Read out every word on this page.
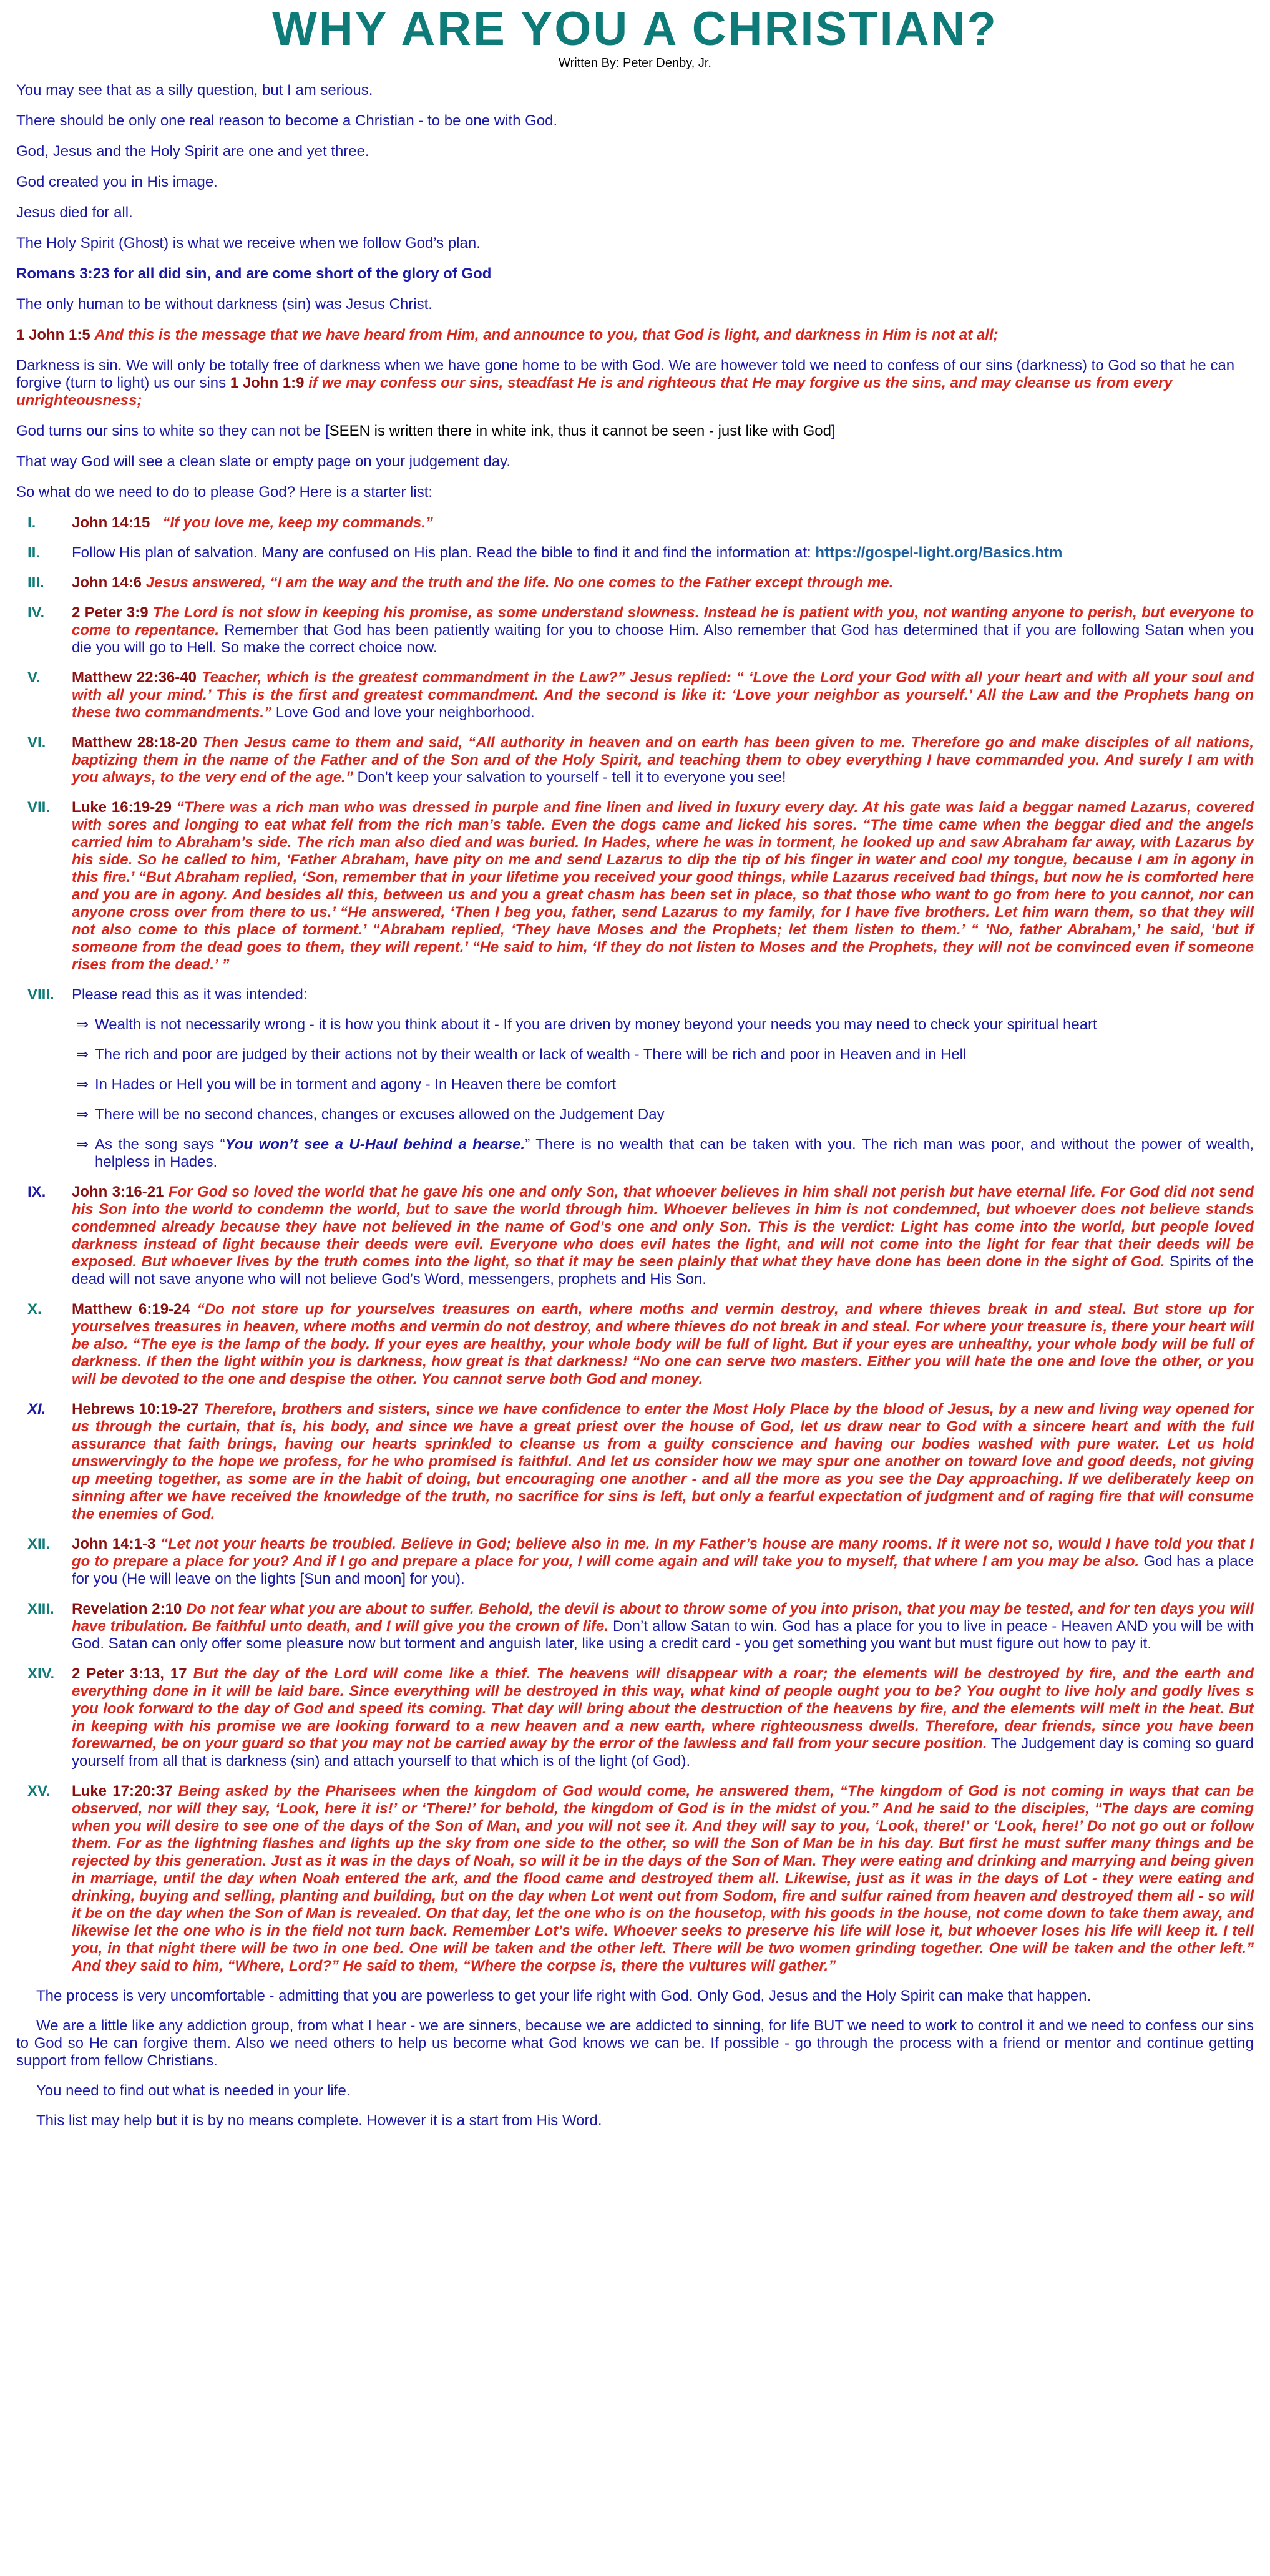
WHY ARE YOU A CHRISTIAN?
Written By: Peter Denby, Jr.

You may see that as a silly question, but I am serious.

There should be only one real reason to become a Christian - to be one with God.

God, Jesus and the Holy Spirit are one and yet three.

God created you in His image.

Jesus died for all.

The Holy Spirit (Ghost) is what we receive when we follow God’s plan.

Romans 3:23 for all did sin, and are come short of the glory of God

The only human to be without darkness (sin) was Jesus Christ.

1 John 1:5 And this is the message that we have heard from Him, and announce to you, that God is light, and darkness in Him is not at all;

Darkness is sin. We will only be totally free of darkness when we have gone home to be with God. We are however told we need to confess of our sins (darkness) to God so that he can forgive (turn to light) us our sins 1 John 1:9 if we may confess our sins, steadfast He is and righteous that He may forgive us the sins, and may cleanse us from every unrighteousness;

God turns our sins to white so they can not be [SEEN is written there in white ink, thus it cannot be seen - just like with God]

That way God will see a clean slate or empty page on your judgement day.

So what do we need to do to please God? Here is a starter list:

I. John 14:15 “If you love me, keep my commands.”
II. Follow His plan of salvation. Many are confused on His plan. Read the bible to find it and find the information at: https://gospel-light.org/Basics.htm
III. John 14:6 Jesus answered, “I am the way and the truth and the life. No one comes to the Father except through me.
IV. 2 Peter 3:9 The Lord is not slow in keeping his promise, as some understand slowness. Instead he is patient with you, not wanting anyone to perish, but everyone to come to repentance. Remember that God has been patiently waiting for you to choose Him. Also remember that God has determined that if you are following Satan when you die you will go to Hell. So make the correct choice now.
V. Matthew 22:36-40 Teacher, which is the greatest commandment in the Law?” Jesus replied: “ ‘Love the Lord your God with all your heart and with all your soul and with all your mind.’ This is the first and greatest commandment. And the second is like it: ‘Love your neighbor as yourself.’ All the Law and the Prophets hang on these two commandments.” Love God and love your neighborhood.
VI. Matthew 28:18-20 Then Jesus came to them and said, “All authority in heaven and on earth has been given to me. Therefore go and make disciples of all nations, baptizing them in the name of the Father and of the Son and of the Holy Spirit, and teaching them to obey everything I have commanded you. And surely I am with you always, to the very end of the age.” Don’t keep your salvation to yourself - tell it to everyone you see!
VII. Luke 16:19-29 “There was a rich man who was dressed in purple and fine linen and lived in luxury every day. At his gate was laid a beggar named Lazarus, covered with sores and longing to eat what fell from the rich man’s table. Even the dogs came and licked his sores. “The time came when the beggar died and the angels carried him to Abraham’s side. The rich man also died and was buried. In Hades, where he was in torment, he looked up and saw Abraham far away, with Lazarus by his side. So he called to him, ‘Father Abraham, have pity on me and send Lazarus to dip the tip of his finger in water and cool my tongue, because I am in agony in this fire.’ “But Abraham replied, ‘Son, remember that in your lifetime you received your good things, while Lazarus received bad things, but now he is comforted here and you are in agony. And besides all this, between us and you a great chasm has been set in place, so that those who want to go from here to you cannot, nor can anyone cross over from there to us.’ “He answered, ‘Then I beg you, father, send Lazarus to my family, for I have five brothers. Let him warn them, so that they will not also come to this place of torment.’ “Abraham replied, ‘They have Moses and the Prophets; let them listen to them.’ “ ‘No, father Abraham,’ he said, ‘but if someone from the dead goes to them, they will repent.’ “He said to him, ‘If they do not listen to Moses and the Prophets, they will not be convinced even if someone rises from the dead.’ ”
VIII. Please read this as it was intended:
⇒ Wealth is not necessarily wrong - it is how you think about it - If you are driven by money beyond your needs you may need to check your spiritual heart
⇒ The rich and poor are judged by their actions not by their wealth or lack of wealth - There will be rich and poor in Heaven and in Hell
⇒ In Hades or Hell you will be in torment and agony - In Heaven there be comfort
⇒ There will be no second chances, changes or excuses allowed on the Judgement Day
⇒ As the song says “You won’t see a U-Haul behind a hearse.” There is no wealth that can be taken with you. The rich man was poor, and without the power of wealth, helpless in Hades.
IX. John 3:16-21 For God so loved the world that he gave his one and only Son, that whoever believes in him shall not perish but have eternal life. For God did not send his Son into the world to condemn the world, but to save the world through him. Whoever believes in him is not condemned, but whoever does not believe stands condemned already because they have not believed in the name of God’s one and only Son. This is the verdict: Light has come into the world, but people loved darkness instead of light because their deeds were evil. Everyone who does evil hates the light, and will not come into the light for fear that their deeds will be exposed. But whoever lives by the truth comes into the light, so that it may be seen plainly that what they have done has been done in the sight of God. Spirits of the dead will not save anyone who will not believe God’s Word, messengers, prophets and His Son.
X. Matthew 6:19-24 “Do not store up for yourselves treasures on earth, where moths and vermin destroy, and where thieves break in and steal. But store up for yourselves treasures in heaven, where moths and vermin do not destroy, and where thieves do not break in and steal. For where your treasure is, there your heart will be also. “The eye is the lamp of the body. If your eyes are healthy, your whole body will be full of light. But if your eyes are unhealthy, your whole body will be full of darkness. If then the light within you is darkness, how great is that darkness! “No one can serve two masters. Either you will hate the one and love the other, or you will be devoted to the one and despise the other. You cannot serve both God and money.
XI. Hebrews 10:19-27 Therefore, brothers and sisters, since we have confidence to enter the Most Holy Place by the blood of Jesus, by a new and living way opened for us through the curtain, that is, his body, and since we have a great priest over the house of God, let us draw near to God with a sincere heart and with the full assurance that faith brings, having our hearts sprinkled to cleanse us from a guilty conscience and having our bodies washed with pure water. Let us hold unswervingly to the hope we profess, for he who promised is faithful. And let us consider how we may spur one another on toward love and good deeds, not giving up meeting together, as some are in the habit of doing, but encouraging one another - and all the more as you see the Day approaching. If we deliberately keep on sinning after we have received the knowledge of the truth, no sacrifice for sins is left, but only a fearful expectation of judgment and of raging fire that will consume the enemies of God.
XII. John 14:1-3 “Let not your hearts be troubled. Believe in God; believe also in me. In my Father’s house are many rooms. If it were not so, would I have told you that I go to prepare a place for you? And if I go and prepare a place for you, I will come again and will take you to myself, that where I am you may be also. God has a place for you (He will leave on the lights [Sun and moon] for you).
XIII. Revelation 2:10 Do not fear what you are about to suffer. Behold, the devil is about to throw some of you into prison, that you may be tested, and for ten days you will have tribulation. Be faithful unto death, and I will give you the crown of life. Don’t allow Satan to win. God has a place for you to live in peace - Heaven AND you will be with God. Satan can only offer some pleasure now but torment and anguish later, like using a credit card - you get something you want but must figure out how to pay it.
XIV. 2 Peter 3:13, 17 But the day of the Lord will come like a thief. The heavens will disappear with a roar; the elements will be destroyed by fire, and the earth and everything done in it will be laid bare. Since everything will be destroyed in this way, what kind of people ought you to be? You ought to live holy and godly lives s you look forward to the day of God and speed its coming. That day will bring about the destruction of the heavens by fire, and the elements will melt in the heat. But in keeping with his promise we are looking forward to a new heaven and a new earth, where righteousness dwells. Therefore, dear friends, since you have been forewarned, be on your guard so that you may not be carried away by the error of the lawless and fall from your secure position. The Judgement day is coming so guard yourself from all that is darkness (sin) and attach yourself to that which is of the light (of God).
XV. Luke 17:20:37 Being asked by the Pharisees when the kingdom of God would come, he answered them, “The kingdom of God is not coming in ways that can be observed, nor will they say, ‘Look, here it is!’ or ‘There!’ for behold, the kingdom of God is in the midst of you.” And he said to the disciples, “The days are coming when you will desire to see one of the days of the Son of Man, and you will not see it. And they will say to you, ‘Look, there!’ or ‘Look, here!’ Do not go out or follow them. For as the lightning flashes and lights up the sky from one side to the other, so will the Son of Man be in his day. But first he must suffer many things and be rejected by this generation. Just as it was in the days of Noah, so will it be in the days of the Son of Man. They were eating and drinking and marrying and being given in marriage, until the day when Noah entered the ark, and the flood came and destroyed them all. Likewise, just as it was in the days of Lot - they were eating and drinking, buying and selling, planting and building, but on the day when Lot went out from Sodom, fire and sulfur rained from heaven and destroyed them all - so will it be on the day when the Son of Man is revealed. On that day, let the one who is on the housetop, with his goods in the house, not come down to take them away, and likewise let the one who is in the field not turn back. Remember Lot’s wife. Whoever seeks to preserve his life will lose it, but whoever loses his life will keep it. I tell you, in that night there will be two in one bed. One will be taken and the other left. There will be two women grinding together. One will be taken and the other left.” And they said to him, “Where, Lord?” He said to them, “Where the corpse is, there the vultures will gather.”

The process is very uncomfortable - admitting that you are powerless to get your life right with God. Only God, Jesus and the Holy Spirit can make that happen.

We are a little like any addiction group, from what I hear - we are sinners, because we are addicted to sinning, for life BUT we need to work to control it and we need to confess our sins to God so He can forgive them. Also we need others to help us become what God knows we can be. If possible - go through the process with a friend or mentor and continue getting support from fellow Christians.

You need to find out what is needed in your life.

This list may help but it is by no means complete. However it is a start from His Word.
